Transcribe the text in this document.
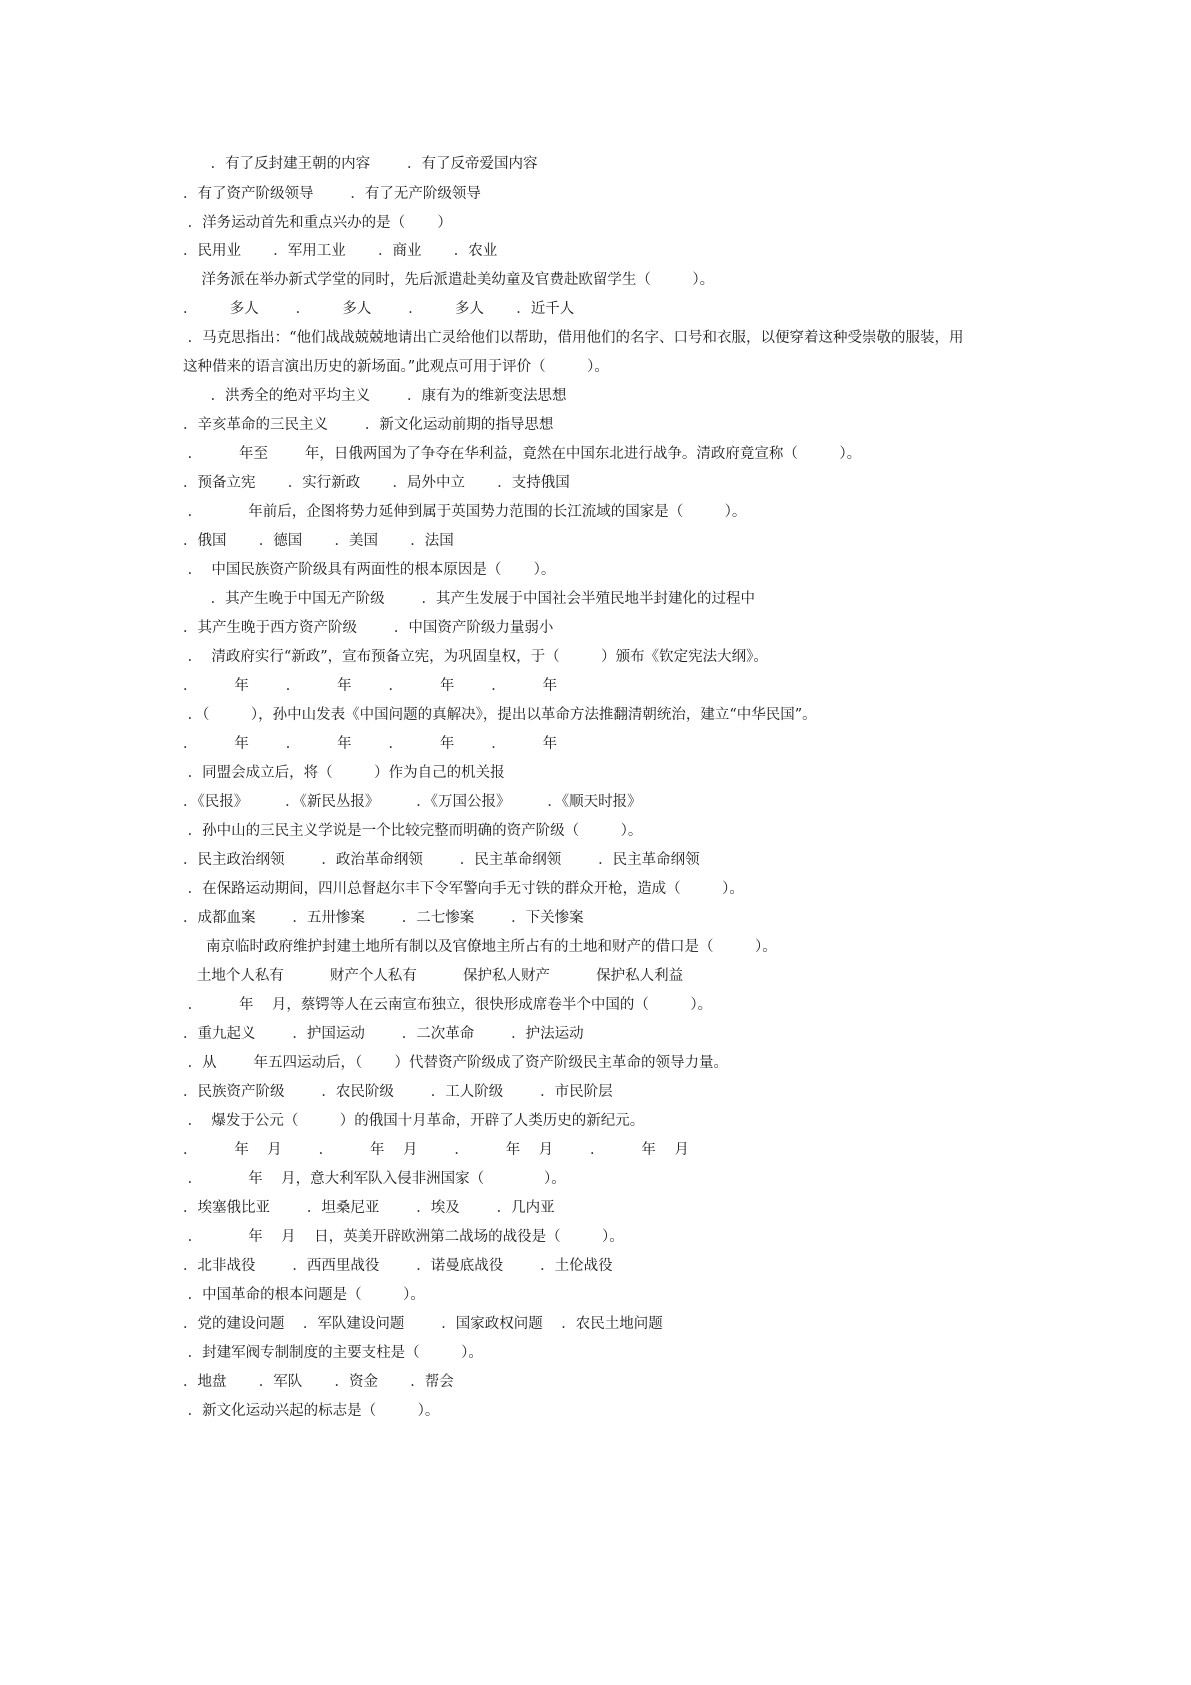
．有了反封建王朝的内容        ．有了反帝爱国内容
．有了资产阶级领导        ．有了无产阶级领导
．洋务运动首先和重点兴办的是（       ）
．民用业       ．军用工业       ．商业       ．农业
洋务派在举办新式学堂的同时，先后派遣赴美幼童及官费赴欧留学生（         ）。
．       多人        ．       多人        ．       多人       ．近千人
．马克思指出：“他们战战兢兢地请出亡灵给他们以帮助，借用他们的名字、口号和衣服，以便穿着这种受崇敬的服装，用
这种借来的语言演出历史的新场面。”此观点可用于评价（         ）。
．洪秀全的绝对平均主义        ．康有为的维新变法思想
．辛亥革命的三民主义        ．新文化运动前期的指导思想
．        年至        年，日俄两国为了争夺在华利益，竟然在中国东北进行战争。清政府竟宣称（         ）。
．预备立宪       ．实行新政       ．局外中立       ．支持俄国
．          年前后，企图将势力延伸到属于英国势力范围的长江流域的国家是（         ）。
．俄国       ．德国       ．美国       ．法国
．  中国民族资产阶级具有两面性的根本原因是（       ）。
．其产生晚于中国无产阶级        ．其产生发展于中国社会半殖民地半封建化的过程中
．其产生晚于西方资产阶级        ．中国资产阶级力量弱小
．  清政府实行“新政”，宣布预备立宪，为巩固皇权，于（         ）颁布《钦定宪法大纲》。
．        年        ．        年        ．        年        ．        年
．（         ），孙中山发表《中国问题的真解决》，提出以革命方法推翻清朝统治，建立“中华民国”。
．        年        ．        年        ．        年        ．        年
．同盟会成立后，将（         ）作为自己的机关报
．《民报》        ．《新民丛报》        ．《万国公报》        ．《顺天时报》
．孙中山的三民主义学说是一个比较完整而明确的资产阶级（         ）。
．民主政治纲领        ．政治革命纲领        ．民主革命纲领        ．民主革命纲领
．在保路运动期间，四川总督赵尔丰下令军警向手无寸铁的群众开枪，造成（         ）。
．成都血案        ．五卅惨案        ．二七惨案        ．下关惨案
南京临时政府维护封建土地所有制以及官僚地主所占有的土地和财产的借口是（         ）。
土地个人私有          财产个人私有          保护私人财产          保护私人利益
．        年    月，蔡锷等人在云南宣布独立，很快形成席卷半个中国的（         ）。
．重九起义        ．护国运动        ．二次革命        ．护法运动
．从        年五四运动后，（       ）代替资产阶级成了资产阶级民主革命的领导力量。
．民族资产阶级        ．农民阶级        ．工人阶级        ．市民阶层
．  爆发于公元（         ）的俄国十月革命，开辟了人类历史的新纪元。
．        年    月        ．        年    月        ．        年    月        ．        年    月
．          年    月，意大利军队入侵非洲国家（             ）。
．埃塞俄比亚        ．坦桑尼亚        ．埃及        ．几内亚
．          年    月    日，英美开辟欧洲第二战场的战役是（         ）。
．北非战役        ．西西里战役        ．诺曼底战役        ．土伦战役
．中国革命的根本问题是（         ）。
．党的建设问题    ．军队建设问题        ．国家政权问题    ．农民土地问题
．封建军阀专制制度的主要支柱是（         ）。
．地盘       ．军队       ．资金       ．帮会
．新文化运动兴起的标志是（         ）。
